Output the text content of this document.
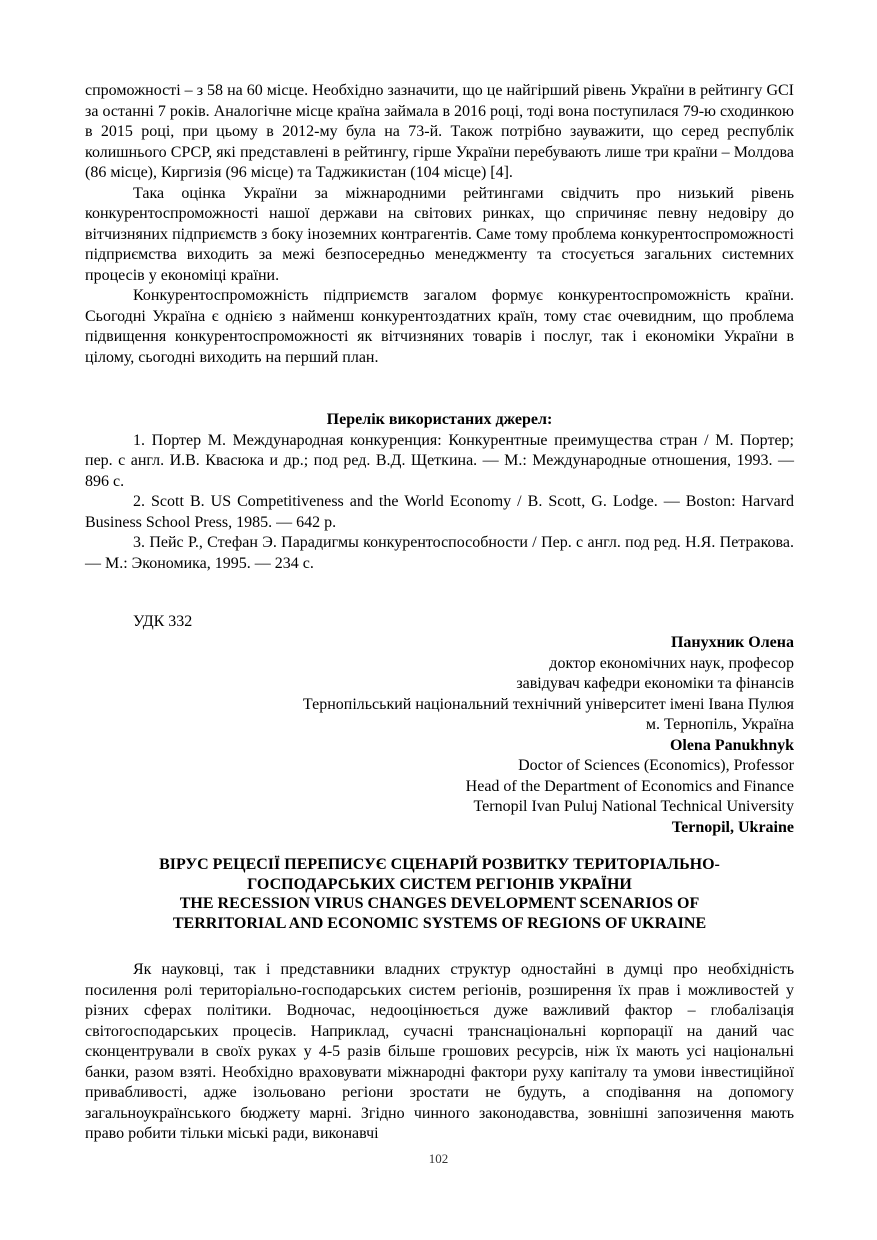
спроможності – з 58 на 60 місце. Необхідно зазначити, що це найгірший рівень України в рейтингу GCI за останні 7 років. Аналогічне місце країна займала в 2016 році, тоді вона поступилася 79-ю сходинкою в 2015 році, при цьому в 2012-му була на 73-й. Також потрібно зауважити, що серед республік колишнього СРСР, які представлені в рейтингу, гірше України перебувають лише три країни – Молдова (86 місце), Киргизія (96 місце) та Таджикистан (104 місце) [4].

Така оцінка України за міжнародними рейтингами свідчить про низький рівень конкурентоспроможності нашої держави на світових ринках, що спричиняє певну недовіру до вітчизняних підприємств з боку іноземних контрагентів. Саме тому проблема конкурентоспроможності підприємства виходить за межі безпосередньо менеджменту та стосується загальних системних процесів у економіці країни.

Конкурентоспроможність підприємств загалом формує конкурентоспроможність країни. Сьогодні Україна є однією з найменш конкурентоздатних країн, тому стає очевидним, що проблема підвищення конкурентоспроможності як вітчизняних товарів і послуг, так і економіки України в цілому, сьогодні виходить на перший план.

Перелік використаних джерел:

1. Портер М. Международная конкуренция: Конкурентные преимущества стран / М. Портер; пер. с англ. И.В. Квасюка и др.; под ред. В.Д. Щеткина. — М.: Международные отношения, 1993. — 896 с.

2. Scott B. US Competitiveness and the World Economy / B. Scott, G. Lodge. — Boston: Harvard Business School Press, 1985. — 642 p.

3. Пейс Р., Стефан Э. Парадигмы конкурентоспособности / Пер. с англ. под ред. Н.Я. Петракова. — М.: Экономика, 1995. — 234 с.

УДК 332

Панухник Олена
доктор економічних наук, професор
завідувач кафедри економіки та фінансів
Тернопільський національний технічний університет імені Івана Пулюя
м. Тернопіль, Україна
Olena Panukhnyk
Doctor of Sciences (Economics), Professor
Head of the Department of Economics and Finance
Ternopil Ivan Puluj National Technical University
Ternopil, Ukraine
ВІРУС РЕЦЕСІЇ ПЕРЕПИСУЄ СЦЕНАРІЙ РОЗВИТКУ ТЕРИТОРІАЛЬНО-
ГОСПОДАРСЬКИХ СИСТЕМ РЕГІОНІВ УКРАЇНИ
THE RECESSION VIRUS CHANGES DEVELOPMENT SCENARIOS OF
TERRITORIAL AND ECONOMIC SYSTEMS OF REGIONS OF UKRAINE

Як науковці, так і представники владних структур одностайні в думці про необхідність посилення ролі територіально-господарських систем регіонів, розширення їх прав і можливостей у різних сферах політики. Водночас, недооцінюється дуже важливий фактор – глобалізація світогосподарських процесів. Наприклад, сучасні транснаціональні корпорації на даний час сконцентрували в своїх руках у 4-5 разів більше грошових ресурсів, ніж їх мають усі національні банки, разом взяті. Необхідно враховувати міжнародні фактори руху капіталу та умови інвестиційної привабливості, адже ізольовано регіони зростати не будуть, а сподівання на допомогу загальноукраїнського бюджету марні. Згідно чинного законодавства, зовнішні запозичення мають право робити тільки міські ради, виконавчі

102
